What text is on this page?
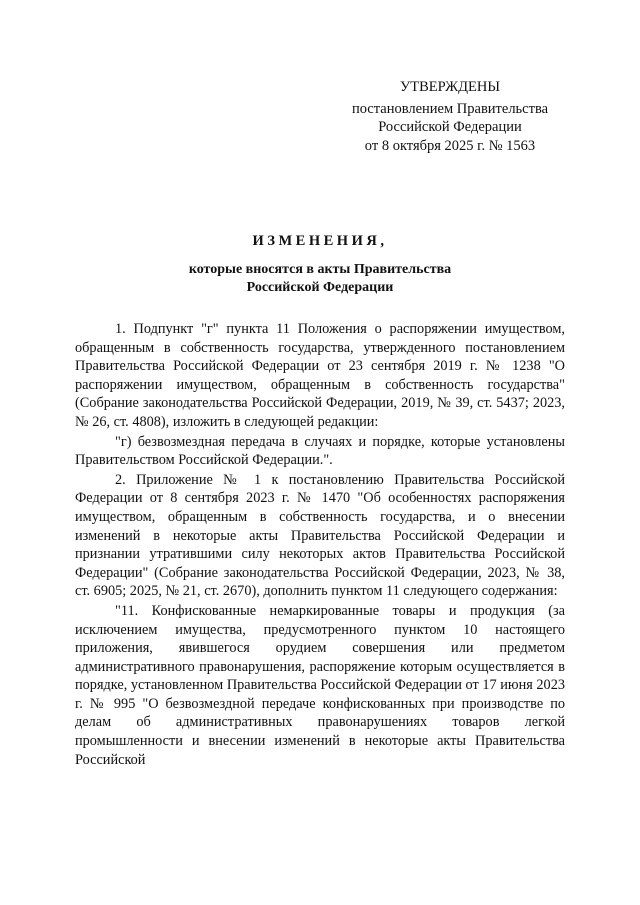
УТВЕРЖДЕНЫ
постановлением Правительства
Российской Федерации
от 8 октября 2025 г. № 1563
ИЗМЕНЕНИЯ,
которые вносятся в акты Правительства
Российской Федерации

1. Подпункт "г" пункта 11 Положения о распоряжении имуществом, обращенным в собственность государства, утвержденного постановлением Правительства Российской Федерации от 23 сентября 2019 г. № 1238 "О распоряжении имуществом, обращенным в собственность государства" (Собрание законодательства Российской Федерации, 2019, № 39, ст. 5437; 2023, № 26, ст. 4808), изложить в следующей редакции:

"г) безвозмездная передача в случаях и порядке, которые установлены Правительством Российской Федерации.".

2. Приложение № 1 к постановлению Правительства Российской Федерации от 8 сентября 2023 г. № 1470 "Об особенностях распоряжения имуществом, обращенным в собственность государства, и о внесении изменений в некоторые акты Правительства Российской Федерации и признании утратившими силу некоторых актов Правительства Российской Федерации" (Собрание законодательства Российской Федерации, 2023, № 38, ст. 6905; 2025, № 21, ст. 2670), дополнить пунктом 11 следующего содержания:

"11. Конфискованные немаркированные товары и продукция (за исключением имущества, предусмотренного пунктом 10 настоящего приложения, явившегося орудием совершения или предметом административного правонарушения, распоряжение которым осуществляется в порядке, установленном Правительства Российской Федерации от 17 июня 2023 г. № 995 "О безвозмездной передаче конфискованных при производстве по делам об административных правонарушениях товаров легкой промышленности и внесении изменений в некоторые акты Правительства Российской
